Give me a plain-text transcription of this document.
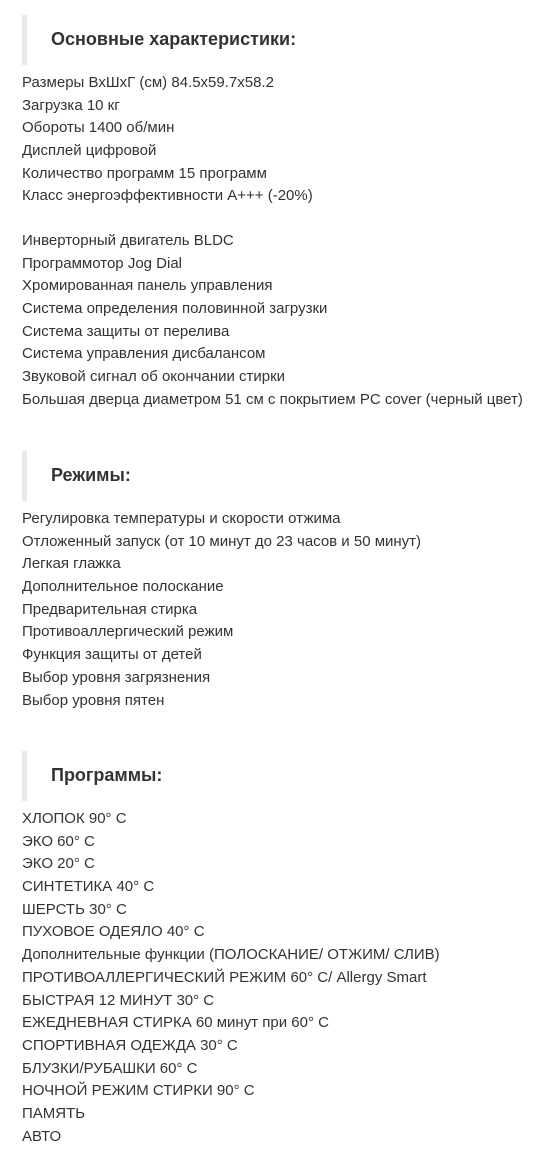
Основные характеристики:
Размеры ВхШхГ (см) 84.5x59.7x58.2
Загрузка 10 кг
Обороты 1400 об/мин
Дисплей цифровой
Количество программ 15 программ
Класс энергоэффективности A+++ (-20%)
Инверторный двигатель BLDC
Программотор Jog Dial
Хромированная панель управления
Система определения половинной загрузки
Система защиты от перелива
Система управления дисбалансом
Звуковой сигнал об окончании стирки
Большая дверца диаметром 51 см с покрытием PC cover (черный цвет)
Режимы:
Регулировка температуры и скорости отжима
Отложенный запуск (от 10 минут до 23 часов и 50 минут)
Легкая глажка
Дополнительное полоскание
Предварительная стирка
Противоаллергический режим
Функция защиты от детей
Выбор уровня загрязнения
Выбор уровня пятен
Программы:
ХЛОПОК 90° С
ЭКО 60° С
ЭКО 20° С
СИНТЕТИКА 40° С
ШЕРСТЬ 30° С
ПУХОВОЕ ОДЕЯЛО 40° С
Дополнительные функции (ПОЛОСКАНИЕ/ ОТЖИМ/ СЛИВ)
ПРОТИВОАЛЛЕРГИЧЕСКИЙ РЕЖИМ 60° С/ Allergy Smart
БЫСТРАЯ 12 МИНУТ 30° С
ЕЖЕДНЕВНАЯ СТИРКА 60 минут при 60° С
СПОРТИВНАЯ ОДЕЖДА 30° С
БЛУЗКИ/РУБАШКИ 60° С
НОЧНОЙ РЕЖИМ СТИРКИ 90° С
ПАМЯТЬ
АВТО
